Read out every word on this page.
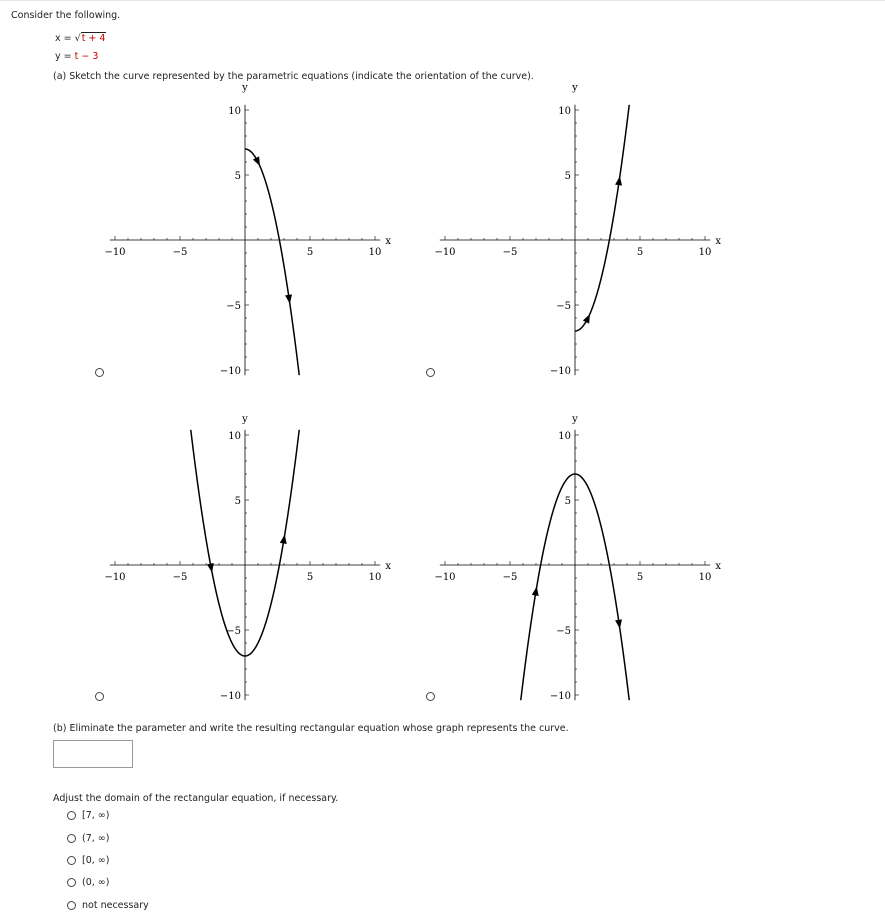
Consider the following.
x = √t + 4
y = t − 3
(a) Sketch the curve represented by the parametric equations (indicate the orientation of the curve).
−10
−10
−5
−5
5
5
10
10
x
y
−10
−10
−5
−5
5
5
10
10
x
y
−10
−10
−5
−5
5
5
10
10
x
y
−10
−10
−5
−5
5
5
10
10
x
y
(b) Eliminate the parameter and write the resulting rectangular equation whose graph represents the curve.
Adjust the domain of the rectangular equation, if necessary.
[7, ∞)
(7, ∞)
[0, ∞)
(0, ∞)
not necessary
